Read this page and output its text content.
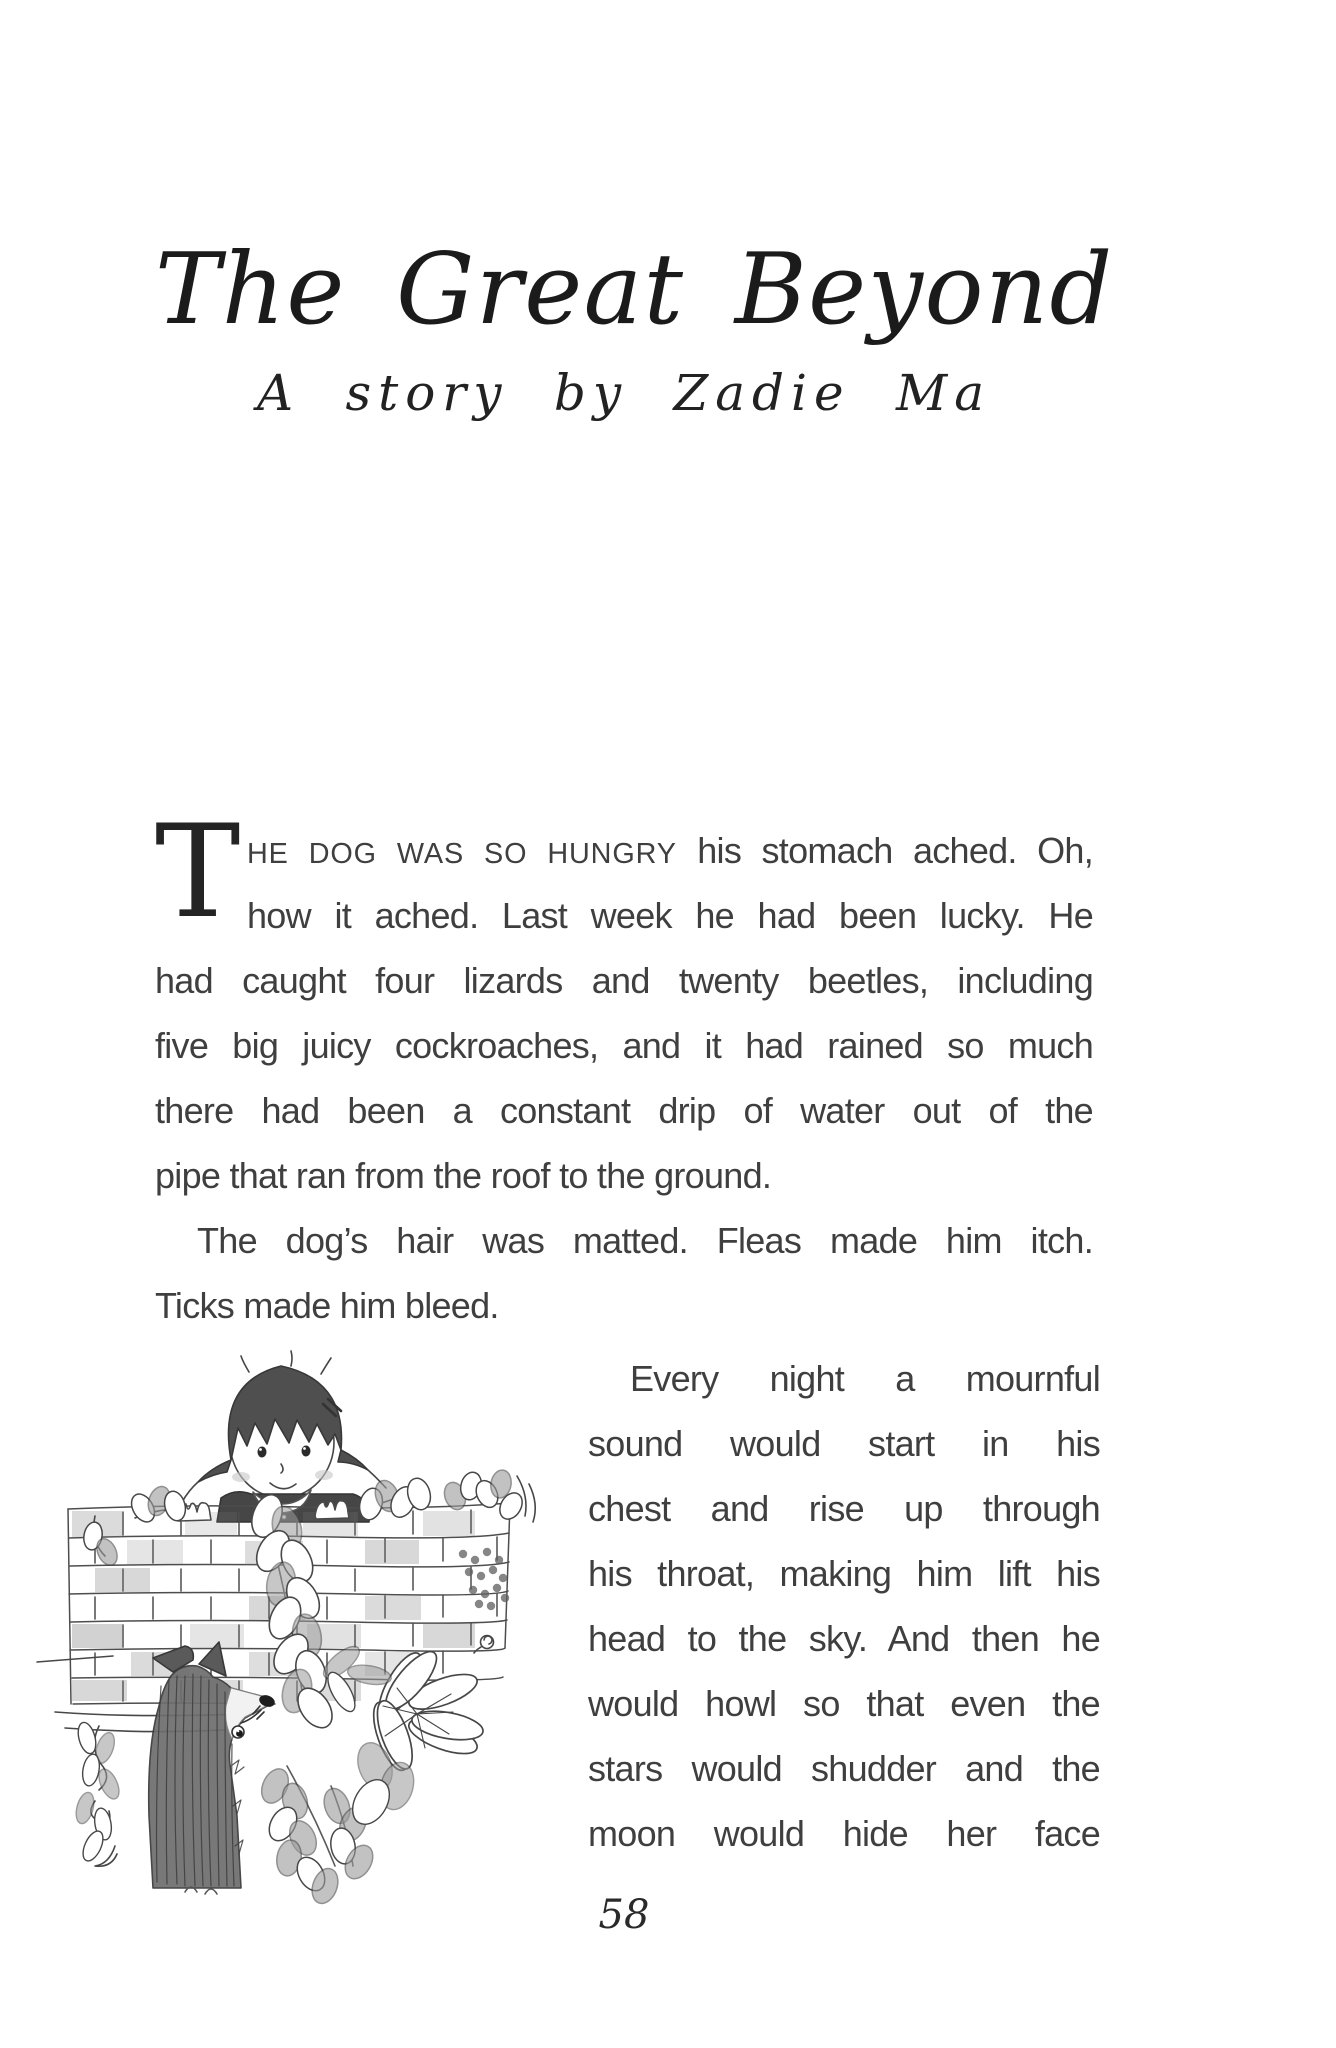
The Great Beyond
A story by Zadie Ma

T HE DOG WAS SO HUNGRY his stomach ached. Oh,
how it ached. Last week he had been lucky. He
had caught four lizards and twenty beetles, including
five big juicy cockroaches, and it had rained so much
there had been a constant drip of water out of the
pipe that ran from the roof to the ground.

The dog’s hair was matted. Fleas made him itch.
Ticks made him bleed.

Every night a mournful
sound would start in his
chest and rise up through
his throat, making him lift his
head to the sky. And then he
would howl so that even the
stars would shudder and the
moon would hide her face

58
